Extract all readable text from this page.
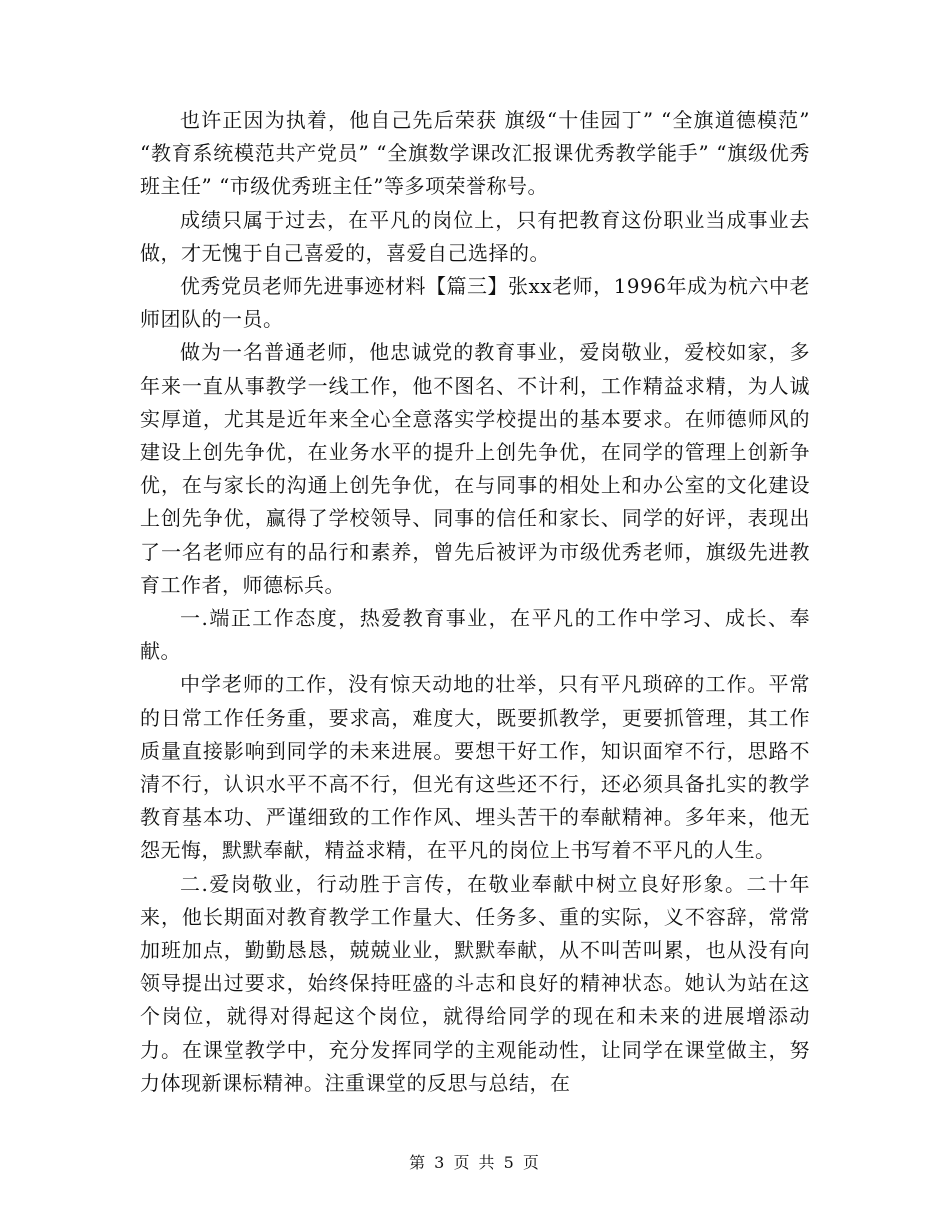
也许正因为执着，他自己先后荣获 旗级“十佳园丁” “全旗道德模范” “教育系统模范共产党员” “全旗数学课改汇报课优秀教学能手” “旗级优秀班主任” “市级优秀班主任”等多项荣誉称号。

成绩只属于过去，在平凡的岗位上，只有把教育这份职业当成事业去做，才无愧于自己喜爱的，喜爱自己选择的。

优秀党员老师先进事迹材料【篇三】张xx老师，1996年成为杭六中老师团队的一员。

做为一名普通老师，他忠诚党的教育事业，爱岗敬业，爱校如家，多年来一直从事教学一线工作，他不图名、不计利，工作精益求精，为人诚实厚道，尤其是近年来全心全意落实学校提出的基本要求。在师德师风的建设上创先争优，在业务水平的提升上创先争优，在同学的管理上创新争优，在与家长的沟通上创先争优，在与同事的相处上和办公室的文化建设上创先争优，赢得了学校领导、同事的信任和家长、同学的好评，表现出了一名老师应有的品行和素养，曾先后被评为市级优秀老师，旗级先进教育工作者，师德标兵。

一.端正工作态度，热爱教育事业，在平凡的工作中学习、成长、奉献。

中学老师的工作，没有惊天动地的壮举，只有平凡琐碎的工作。平常的日常工作任务重，要求高，难度大，既要抓教学，更要抓管理，其工作质量直接影响到同学的未来进展。要想干好工作，知识面窄不行，思路不清不行，认识水平不高不行，但光有这些还不行，还必须具备扎实的教学教育基本功、严谨细致的工作作风、埋头苦干的奉献精神。多年来，他无怨无悔，默默奉献，精益求精，在平凡的岗位上书写着不平凡的人生。

二.爱岗敬业，行动胜于言传，在敬业奉献中树立良好形象。二十年来，他长期面对教育教学工作量大、任务多、重的实际，义不容辞，常常加班加点，勤勤恳恳，兢兢业业，默默奉献，从不叫苦叫累，也从没有向领导提出过要求，始终保持旺盛的斗志和良好的精神状态。她认为站在这个岗位，就得对得起这个岗位，就得给同学的现在和未来的进展增添动力。在课堂教学中，充分发挥同学的主观能动性，让同学在课堂做主，努力体现新课标精神。注重课堂的反思与总结，在

第 3 页 共 5 页
